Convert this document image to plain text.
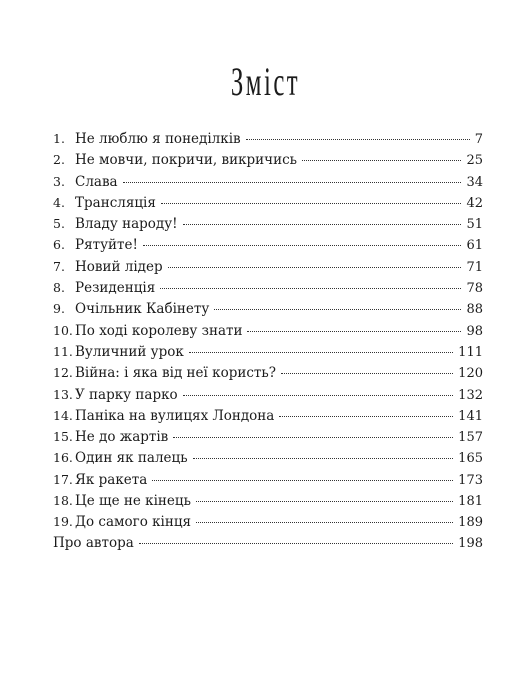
Зміст
1. Не люблю я понеділків	7
2. Не мовчи, покричи, викричись	25
3. Слава	34
4. Трансляція	42
5. Владу народу!	51
6. Рятуйте!	61
7. Новий лідер	71
8. Резиденція	78
9. Очільник Кабінету	88
10. По ході королеву знати	98
11. Вуличний урок	111
12. Війна: і яка від неї користь?	120
13. У парку парко	132
14. Паніка на вулицях Лондона	141
15. Не до жартів	157
16. Один як палець	165
17. Як ракета	173
18. Це ще не кінець	181
19. До самого кінця	189
Про автора	198
